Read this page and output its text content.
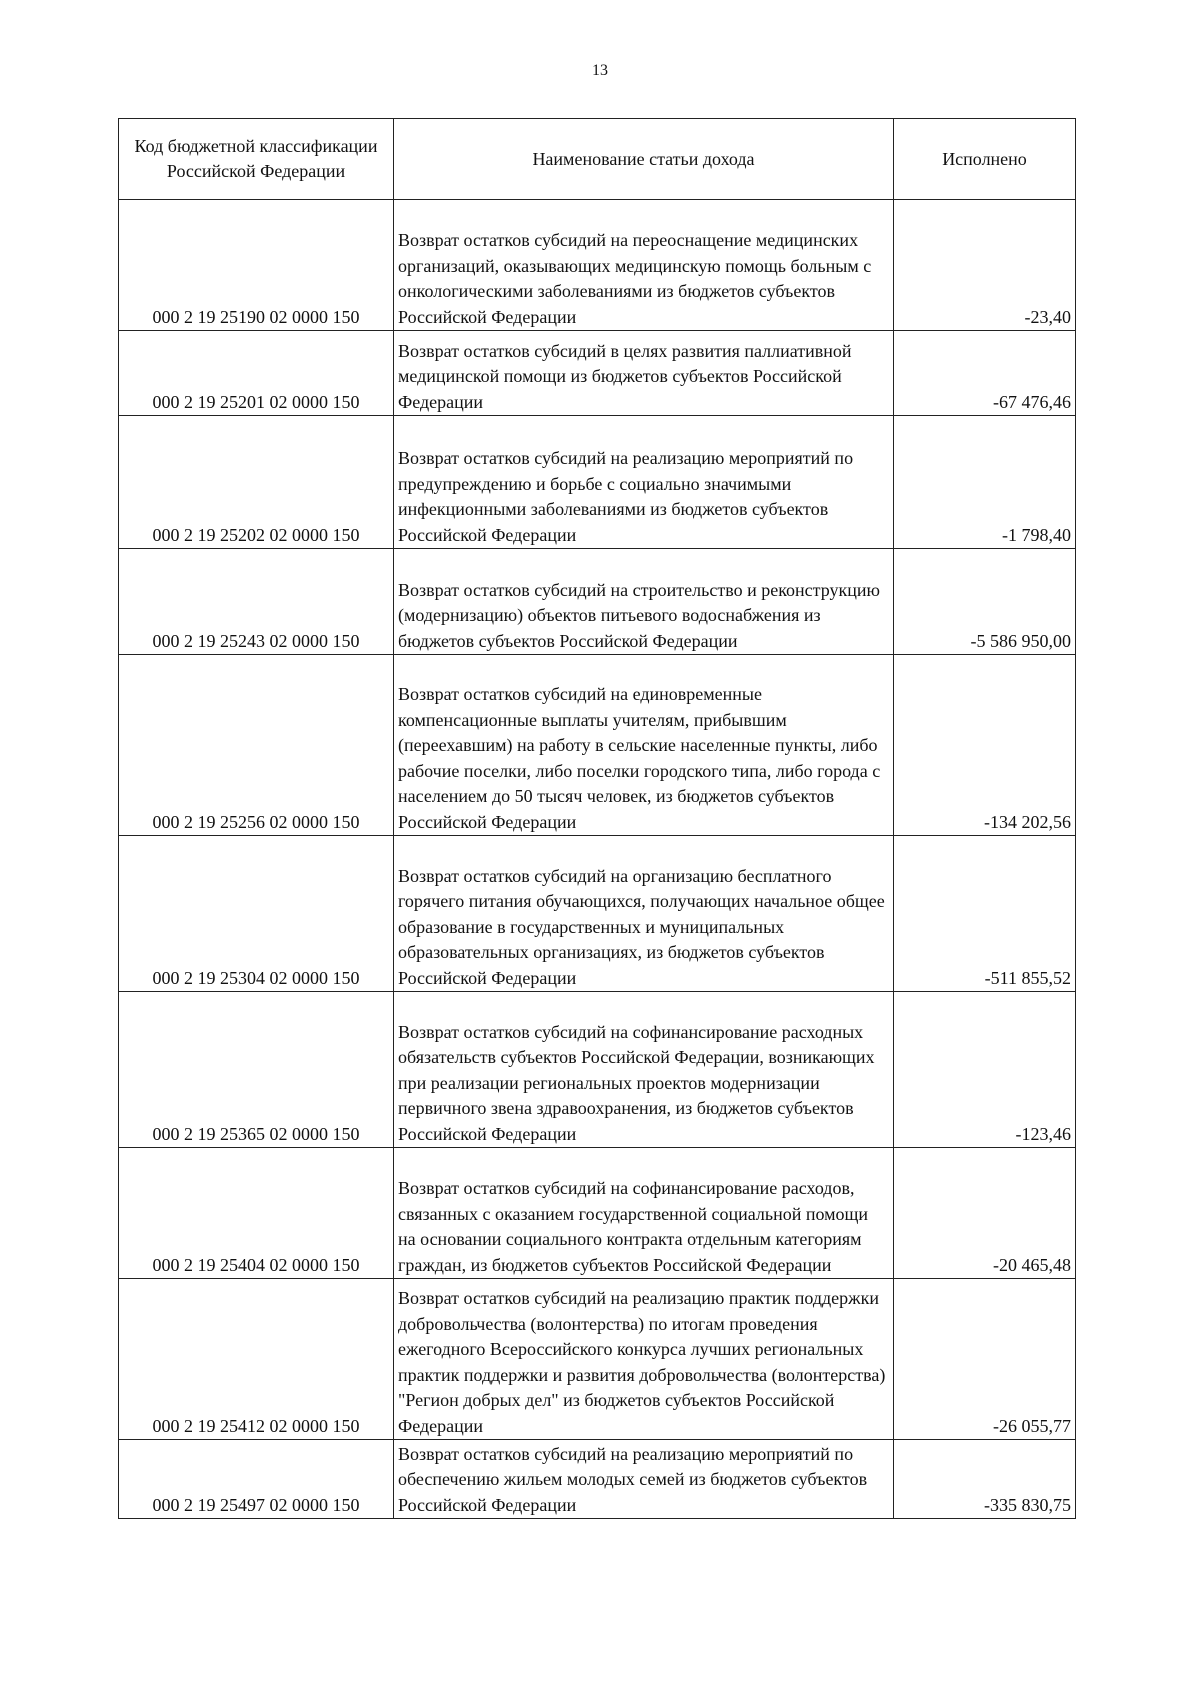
13
Код бюджетной классификации Российской Федерации	Наименование статьи дохода	Исполнено
000 2 19 25190 02 0000 150	Возврат остатков субсидий на переоснащение медицинских организаций, оказывающих медицинскую помощь больным с онкологическими заболеваниями из бюджетов субъектов Российской Федерации	-23,40
000 2 19 25201 02 0000 150	Возврат остатков субсидий в целях развития паллиативной медицинской помощи из бюджетов субъектов Российской Федерации	-67 476,46
000 2 19 25202 02 0000 150	Возврат остатков субсидий на реализацию мероприятий по предупреждению и борьбе с социально значимыми инфекционными заболеваниями из бюджетов субъектов Российской Федерации	-1 798,40
000 2 19 25243 02 0000 150	Возврат остатков субсидий на строительство и реконструкцию (модернизацию) объектов питьевого водоснабжения из бюджетов субъектов Российской Федерации	-5 586 950,00
000 2 19 25256 02 0000 150	Возврат остатков субсидий на единовременные компенсационные выплаты учителям, прибывшим (переехавшим) на работу в сельские населенные пункты, либо рабочие поселки, либо поселки городского типа, либо города с населением до 50 тысяч человек, из бюджетов субъектов Российской Федерации	-134 202,56
000 2 19 25304 02 0000 150	Возврат остатков субсидий на организацию бесплатного горячего питания обучающихся, получающих начальное общее образование в государственных и муниципальных образовательных организациях, из бюджетов субъектов Российской Федерации	-511 855,52
000 2 19 25365 02 0000 150	Возврат остатков субсидий на софинансирование расходных обязательств субъектов Российской Федерации, возникающих при реализации региональных проектов модернизации первичного звена здравоохранения, из бюджетов субъектов Российской Федерации	-123,46
000 2 19 25404 02 0000 150	Возврат остатков субсидий на софинансирование расходов, связанных с оказанием государственной социальной помощи на основании социального контракта отдельным категориям граждан, из бюджетов субъектов Российской Федерации	-20 465,48
000 2 19 25412 02 0000 150	Возврат остатков субсидий на реализацию практик поддержки добровольчества (волонтерства) по итогам проведения ежегодного Всероссийского конкурса лучших региональных практик поддержки и развития добровольчества (волонтерства) "Регион добрых дел" из бюджетов субъектов Российской Федерации	-26 055,77
000 2 19 25497 02 0000 150	Возврат остатков субсидий на реализацию мероприятий по обеспечению жильем молодых семей из бюджетов субъектов Российской Федерации	-335 830,75
